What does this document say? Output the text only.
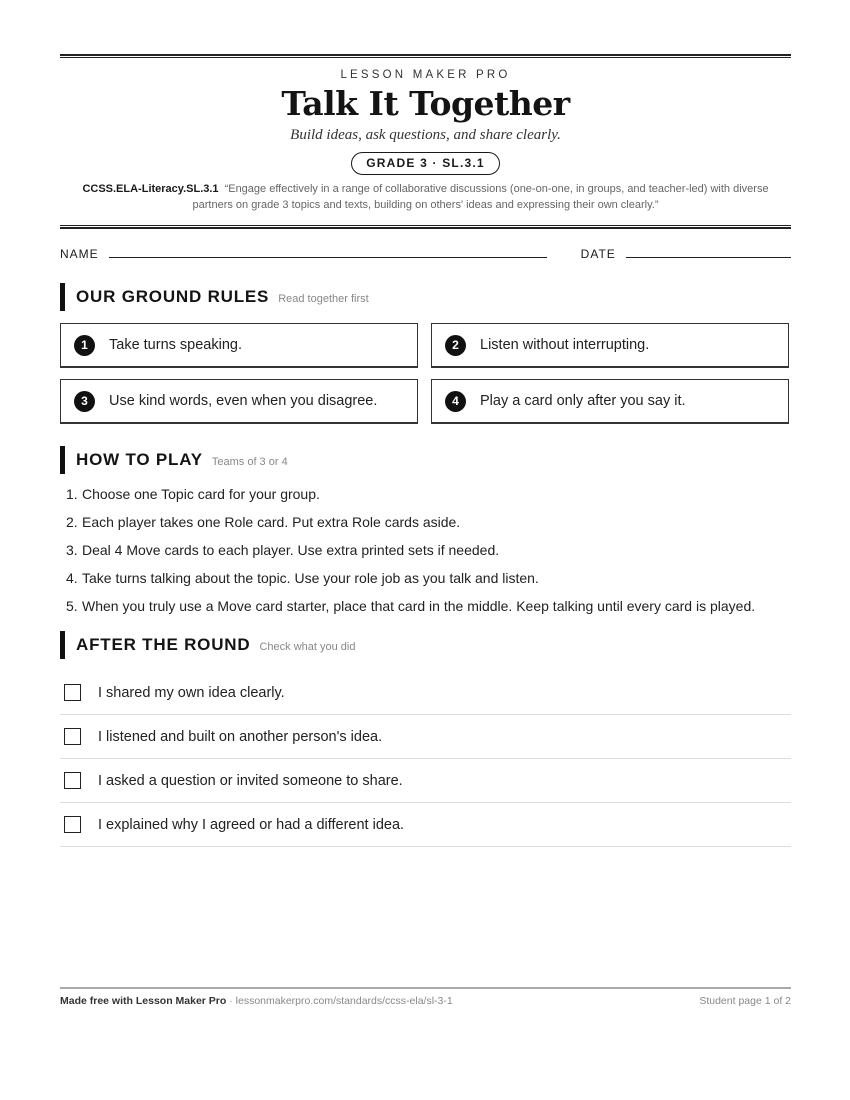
LESSON MAKER PRO
Talk It Together
Build ideas, ask questions, and share clearly.
GRADE 3 · SL.3.1
CCSS.ELA-Literacy.SL.3.1 “Engage effectively in a range of collaborative discussions (one-on-one, in groups, and teacher-led) with diverse partners on grade 3 topics and texts, building on others' ideas and expressing their own clearly.”
NAME	DATE
OUR GROUND RULES Read together first
1	Take turns speaking.	2	Listen without interrupting.
3	Use kind words, even when you disagree.	4	Play a card only after you say it.
HOW TO PLAY Teams of 3 or 4
1. Choose one Topic card for your group.
2. Each player takes one Role card. Put extra Role cards aside.
3. Deal 4 Move cards to each player. Use extra printed sets if needed.
4. Take turns talking about the topic. Use your role job as you talk and listen.
5. When you truly use a Move card starter, place that card in the middle. Keep talking until every card is played.
AFTER THE ROUND Check what you did
I shared my own idea clearly.
I listened and built on another person's idea.
I asked a question or invited someone to share.
I explained why I agreed or had a different idea.
Made free with Lesson Maker Pro · lessonmakerpro.com/standards/ccss-ela/sl-3-1	Student page 1 of 2
